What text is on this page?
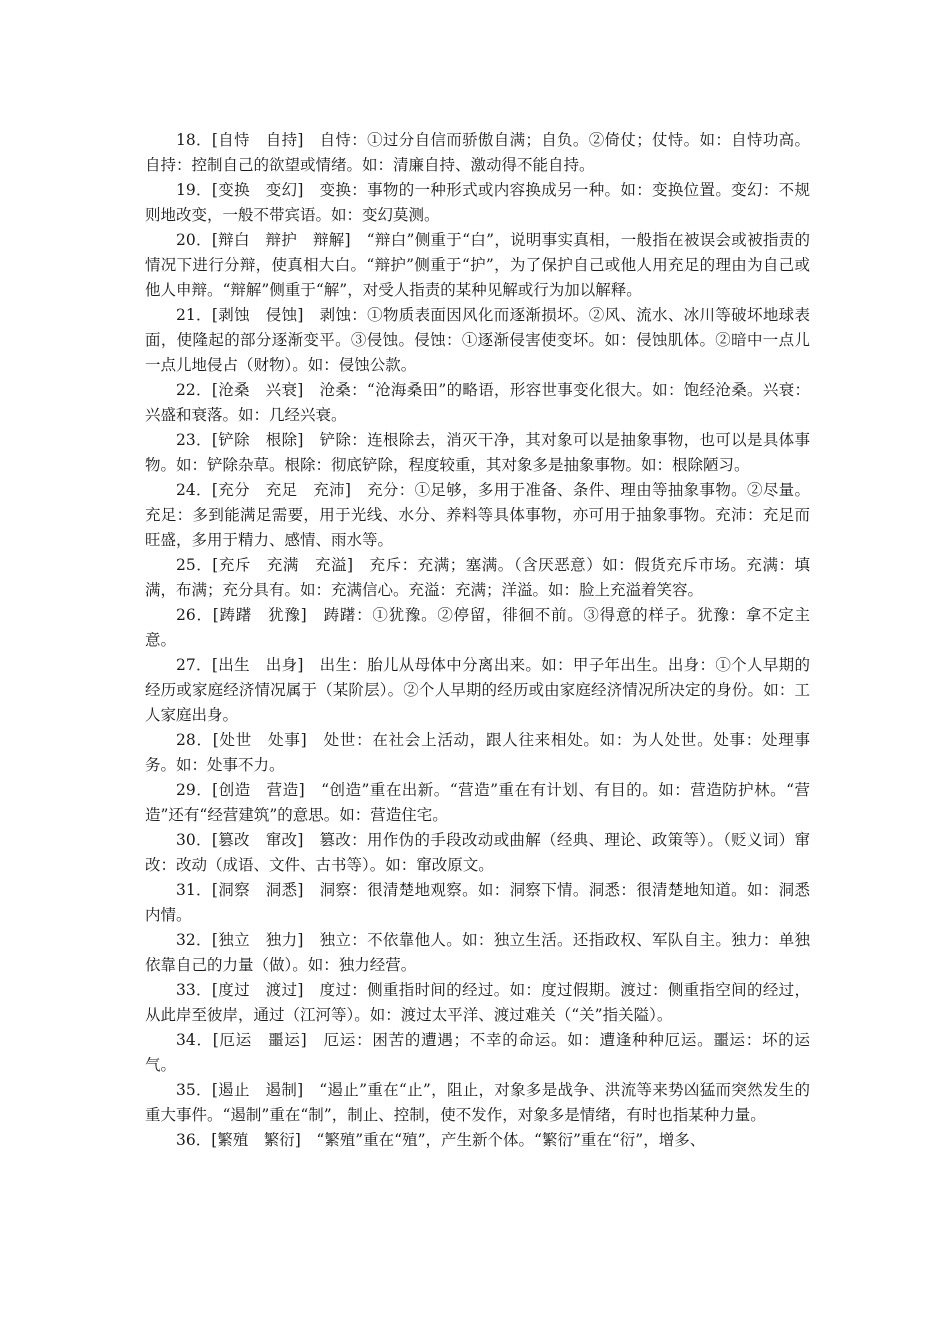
18．[自恃　自持]　自恃：①过分自信而骄傲自满；自负。②倚仗；仗恃。如：自恃功高。自持：控制自己的欲望或情绪。如：清廉自持、激动得不能自持。

19．[变换　变幻]　变换：事物的一种形式或内容换成另一种。如：变换位置。变幻：不规则地改变，一般不带宾语。如：变幻莫测。

20．[辩白　辩护　辩解]　“辩白”侧重于“白”，说明事实真相，一般指在被误会或被指责的情况下进行分辩，使真相大白。“辩护”侧重于“护”，为了保护自己或他人用充足的理由为自己或他人申辩。“辩解”侧重于“解”，对受人指责的某种见解或行为加以解释。

21．[剥蚀　侵蚀]　剥蚀：①物质表面因风化而逐渐损坏。②风、流水、冰川等破坏地球表面，使隆起的部分逐渐变平。③侵蚀。侵蚀：①逐渐侵害使变坏。如：侵蚀肌体。②暗中一点儿一点儿地侵占（财物）。如：侵蚀公款。

22．[沧桑　兴衰]　沧桑：“沧海桑田”的略语，形容世事变化很大。如：饱经沧桑。兴衰：兴盛和衰落。如：几经兴衰。

23．[铲除　根除]　铲除：连根除去，消灭干净，其对象可以是抽象事物，也可以是具体事物。如：铲除杂草。根除：彻底铲除，程度较重，其对象多是抽象事物。如：根除陋习。

24．[充分　充足　充沛]　充分：①足够，多用于准备、条件、理由等抽象事物。②尽量。充足：多到能满足需要，用于光线、水分、养料等具体事物，亦可用于抽象事物。充沛：充足而旺盛，多用于精力、感情、雨水等。

25．[充斥　充满　充溢]　充斥：充满；塞满。（含厌恶意）如：假货充斥市场。充满：填满，布满；充分具有。如：充满信心。充溢：充满；洋溢。如：脸上充溢着笑容。

26．[踌躇　犹豫]　踌躇：①犹豫。②停留，徘徊不前。③得意的样子。犹豫：拿不定主意。

27．[出生　出身]　出生：胎儿从母体中分离出来。如：甲子年出生。出身：①个人早期的经历或家庭经济情况属于（某阶层）。②个人早期的经历或由家庭经济情况所决定的身份。如：工人家庭出身。

28．[处世　处事]　处世：在社会上活动，跟人往来相处。如：为人处世。处事：处理事务。如：处事不力。

29．[创造　营造]　“创造”重在出新。“营造”重在有计划、有目的。如：营造防护林。“营造”还有“经营建筑”的意思。如：营造住宅。

30．[篡改　窜改]　篡改：用作伪的手段改动或曲解（经典、理论、政策等）。（贬义词）窜改：改动（成语、文件、古书等）。如：窜改原文。

31．[洞察　洞悉]　洞察：很清楚地观察。如：洞察下情。洞悉：很清楚地知道。如：洞悉内情。

32．[独立　独力]　独立：不依靠他人。如：独立生活。还指政权、军队自主。独力：单独依靠自己的力量（做）。如：独力经营。

33．[度过　渡过]　度过：侧重指时间的经过。如：度过假期。渡过：侧重指空间的经过，从此岸至彼岸，通过（江河等）。如：渡过太平洋、渡过难关（“关”指关隘）。

34．[厄运　噩运]　厄运：困苦的遭遇；不幸的命运。如：遭逢种种厄运。噩运：坏的运气。

35．[遏止　遏制]　“遏止”重在“止”，阻止，对象多是战争、洪流等来势凶猛而突然发生的重大事件。“遏制”重在“制”，制止、控制，使不发作，对象多是情绪，有时也指某种力量。

36．[繁殖　繁衍]　“繁殖”重在“殖”，产生新个体。“繁衍”重在“衍”，增多、
